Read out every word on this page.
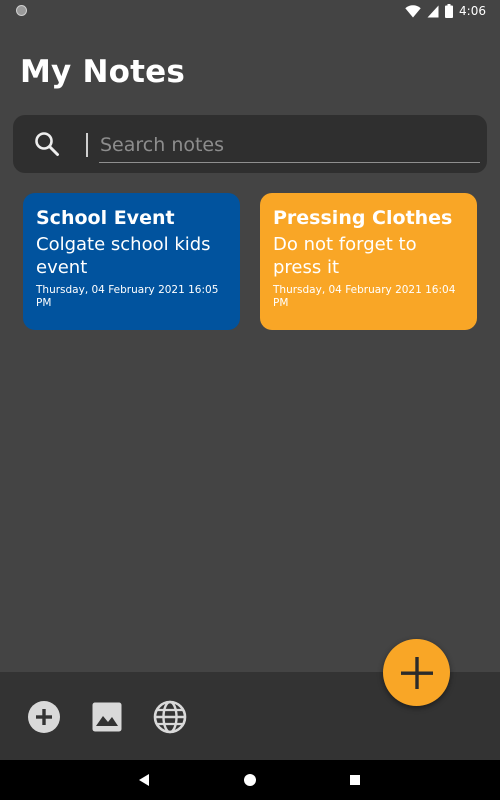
4:06
My Notes
Search notes
School Event
Colgate school kids event
Thursday, 04 February 2021 16:05 PM
Pressing Clothes
Do not forget to press it
Thursday, 04 February 2021 16:04 PM
